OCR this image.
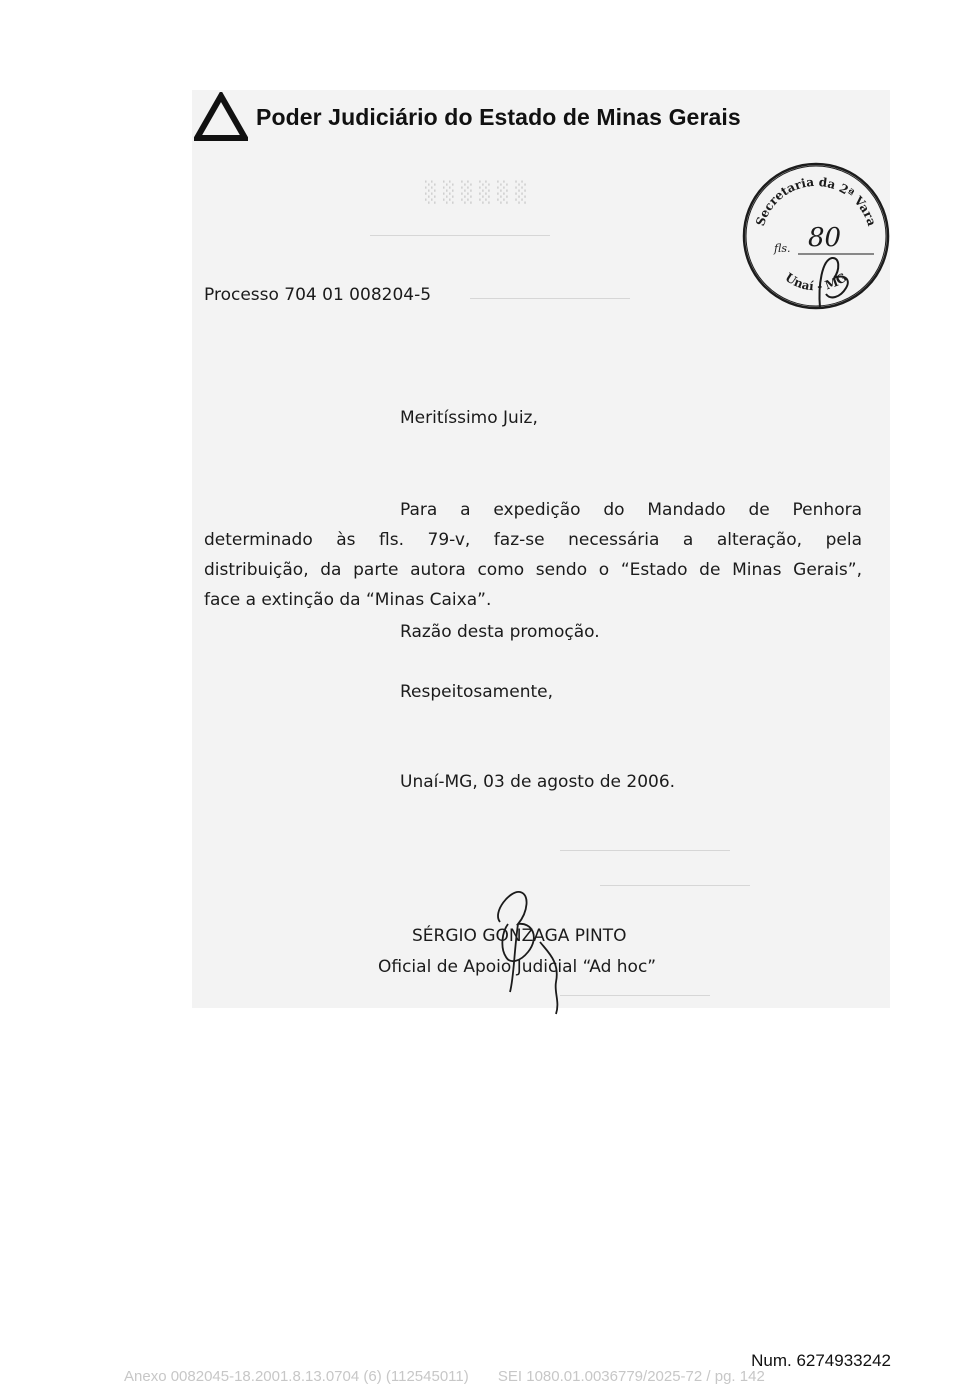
░░░░░░
Poder Judiciário do Estado de Minas Gerais
Secretaria da 2ª Vara
Unaí - MG
fls. 80
Processo 704 01 008204-5
Meritíssimo Juiz,
Para a expedição do Mandado de Penhora
determinado às fls. 79-v, faz-se necessária a alteração, pela
distribuição, da parte autora como sendo o “Estado de Minas Gerais”,
face a extinção da “Minas Caixa”.
Razão desta promoção.
Respeitosamente,
Unaí-MG, 03 de agosto de 2006.
SÉRGIO GONZAGA PINTO
Oficial de Apoio Judicial “Ad hoc”
Num. 6274933242
Anexo 0082045-18.2001.8.13.0704 (6) (112545011)       SEI 1080.01.0036779/2025-72 / pg. 142
